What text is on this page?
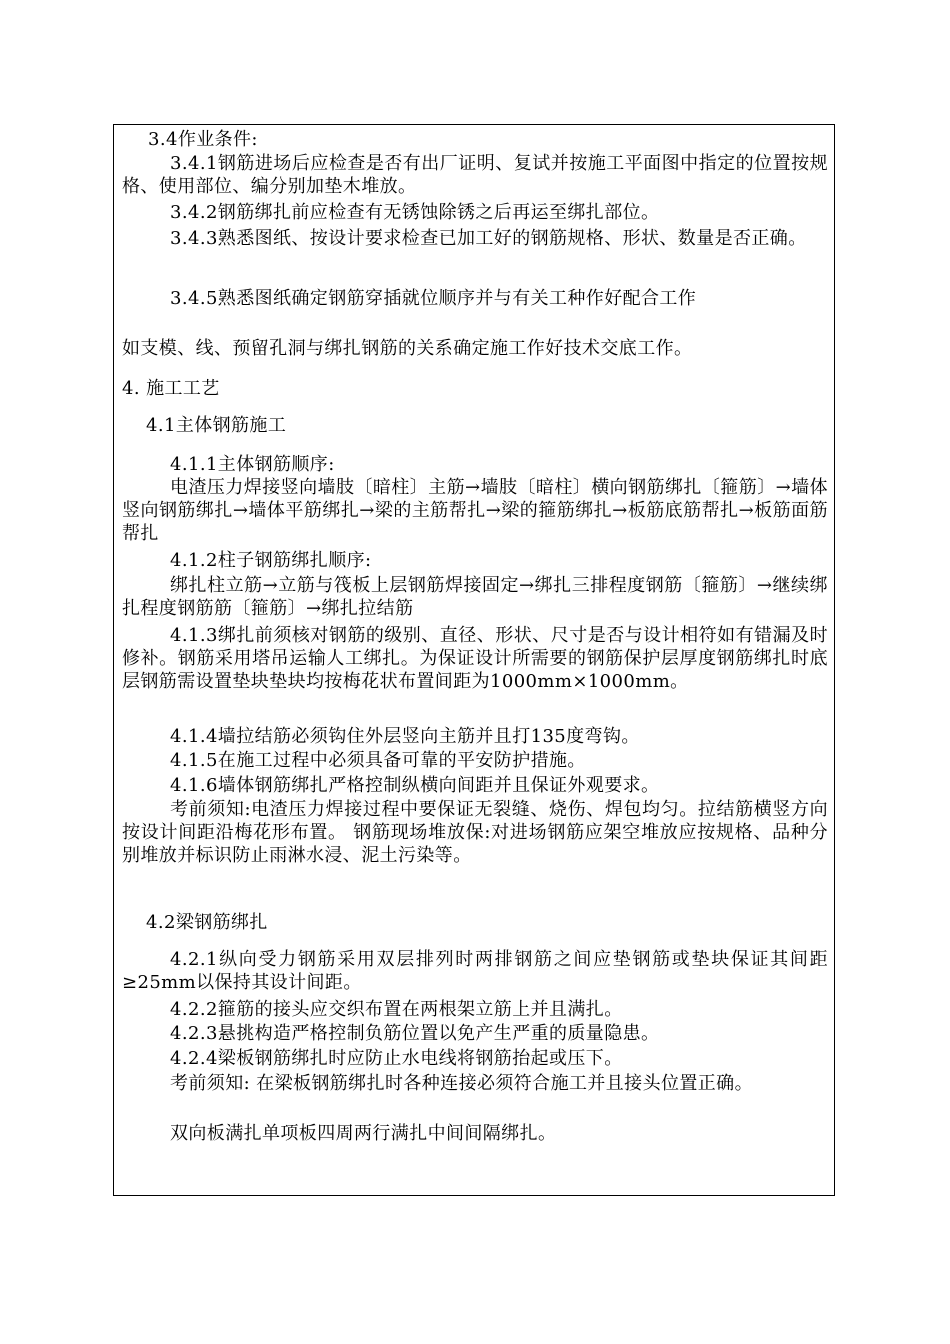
3.4作业条件:
3.4.1钢筋进场后应检查是否有出厂证明、复试并按施工平面图中指定的位置按规格、使用部位、编分别加垫木堆放。
3.4.2钢筋绑扎前应检查有无锈蚀除锈之后再运至绑扎部位。
3.4.3熟悉图纸、按设计要求检查已加工好的钢筋规格、形状、数量是否正确。
3.4.5熟悉图纸确定钢筋穿插就位顺序并与有关工种作好配合工作
如支模、线、预留孔洞与绑扎钢筋的关系确定施工作好技术交底工作。
4. 施工工艺
4.1主体钢筋施工
4.1.1主体钢筋顺序:
电渣压力焊接竖向墙肢〔暗柱〕主筋→墙肢〔暗柱〕横向钢筋绑扎〔箍筋〕→墙体竖向钢筋绑扎→墙体平筋绑扎→梁的主筋帮扎→梁的箍筋绑扎→板筋底筋帮扎→板筋面筋帮扎
4.1.2柱子钢筋绑扎顺序:
绑扎柱立筋→立筋与筏板上层钢筋焊接固定→绑扎三排程度钢筋〔箍筋〕→继续绑扎程度钢筋筋〔箍筋〕→绑扎拉结筋
4.1.3绑扎前须核对钢筋的级别、直径、形状、尺寸是否与设计相符如有错漏及时修补。钢筋采用塔吊运输人工绑扎。为保证设计所需要的钢筋保护层厚度钢筋绑扎时底层钢筋需设置垫块垫块均按梅花状布置间距为1000mm×1000mm。
4.1.4墙拉结筋必须钩住外层竖向主筋并且打135度弯钩。
4.1.5在施工过程中必须具备可靠的平安防护措施。
4.1.6墙体钢筋绑扎严格控制纵横向间距并且保证外观要求。
考前须知:电渣压力焊接过程中要保证无裂缝、烧伤、焊包均匀。拉结筋横竖方向按设计间距沿梅花形布置。 钢筋现场堆放保:对进场钢筋应架空堆放应按规格、品种分别堆放并标识防止雨淋水浸、泥土污染等。
4.2梁钢筋绑扎
4.2.1纵向受力钢筋采用双层排列时两排钢筋之间应垫钢筋或垫块保证其间距≥25mm以保持其设计间距。
4.2.2箍筋的接头应交织布置在两根架立筋上并且满扎。
4.2.3悬挑构造严格控制负筋位置以免产生严重的质量隐患。
4.2.4梁板钢筋绑扎时应防止水电线将钢筋抬起或压下。
考前须知: 在梁板钢筋绑扎时各种连接必须符合施工并且接头位置正确。
双向板满扎单项板四周两行满扎中间间隔绑扎。
